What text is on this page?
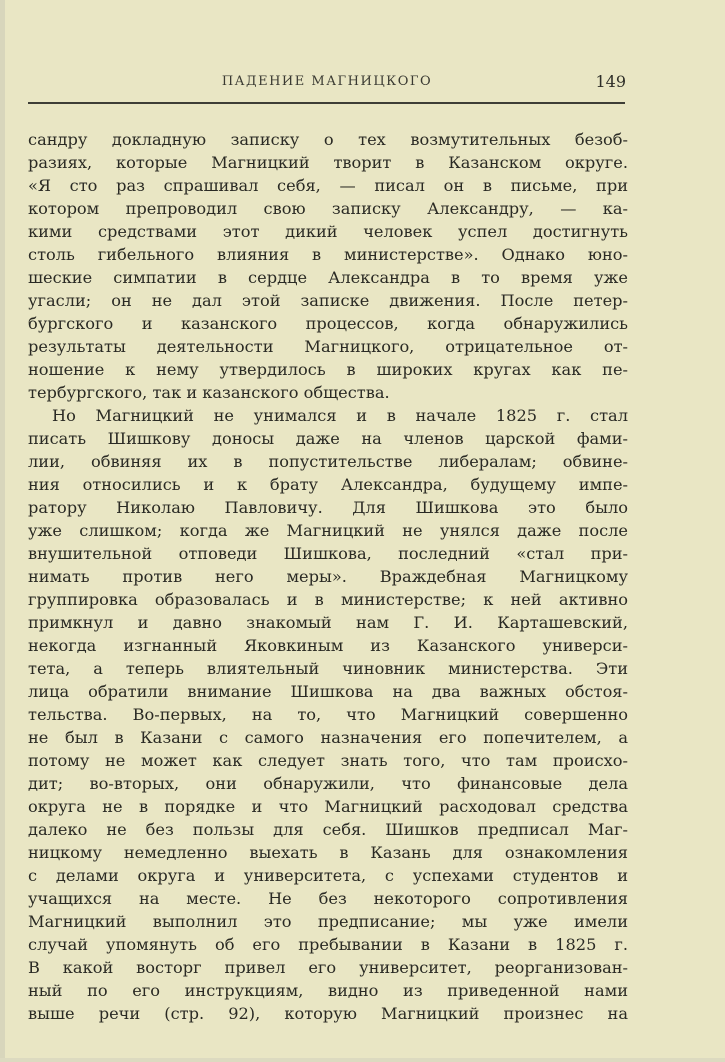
ПАДЕНИЕ МАГНИЦКОГО	149
сандру докладную записку о тех возмутительных безоб-
разиях, которые Магницкий творит в Казанском округе.
«Я сто раз спрашивал себя, — писал он в письме, при
котором препроводил свою записку Александру, — ка-
кими средствами этот дикий человек успел достигнуть
столь гибельного влияния в министерстве». Однако юно-
шеские симпатии в сердце Александра в то время уже
угасли; он не дал этой записке движения. После петер-
бургского и казанского процессов, когда обнаружились
результаты деятельности Магницкого, отрицательное от-
ношение к нему утвердилось в широких кругах как пе-
тербургского, так и казанского общества.
Но Магницкий не унимался и в начале 1825 г. стал
писать Шишкову доносы даже на членов царской фами-
лии, обвиняя их в попустительстве либералам; обвине-
ния относились и к брату Александра, будущему импе-
ратору Николаю Павловичу. Для Шишкова это было
уже слишком; когда же Магницкий не унялся даже после
внушительной отповеди Шишкова, последний «стал при-
нимать против него меры». Враждебная Магницкому
группировка образовалась и в министерстве; к ней активно
примкнул и давно знакомый нам Г. И. Карташевский,
некогда изгнанный Яковкиным из Казанского универси-
тета, а теперь влиятельный чиновник министерства. Эти
лица обратили внимание Шишкова на два важных обстоя-
тельства. Во-первых, на то, что Магницкий совершенно
не был в Казани с самого назначения его попечителем, а
потому не может как следует знать того, что там происхо-
дит; во-вторых, они обнаружили, что финансовые дела
округа не в порядке и что Магницкий расходовал средства
далеко не без пользы для себя. Шишков предписал Маг-
ницкому немедленно выехать в Казань для ознакомления
с делами округа и университета, с успехами студентов и
учащихся на месте. Не без некоторого сопротивления
Магницкий выполнил это предписание; мы уже имели
случай упомянуть об его пребывании в Казани в 1825 г.
В какой восторг привел его университет, реорганизован-
ный по его инструкциям, видно из приведенной нами
выше речи (стр. 92), которую Магницкий произнес на
